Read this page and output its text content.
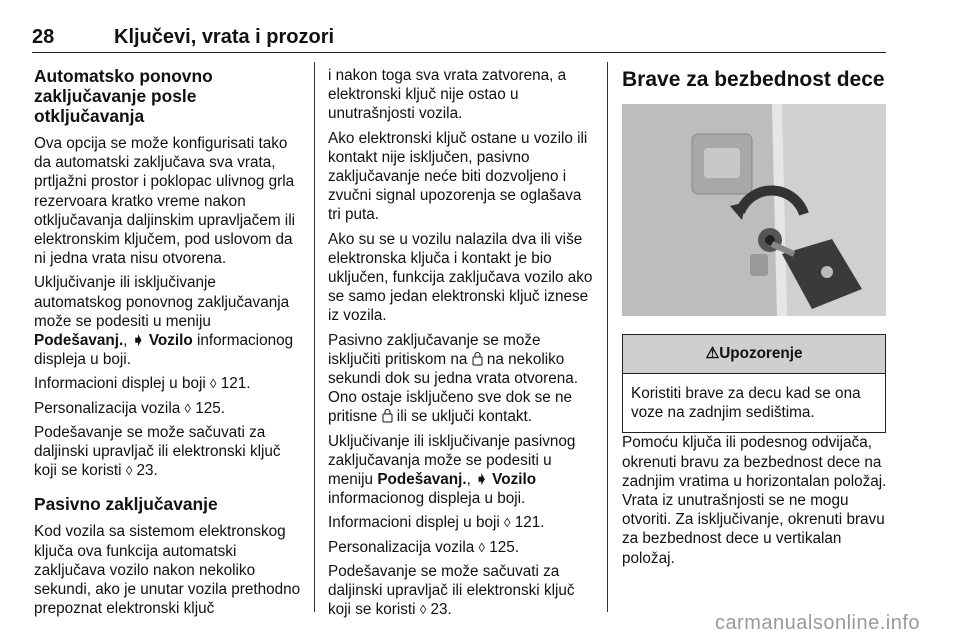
28	Ključevi, vrata i prozori
Automatsko ponovno zaključavanje posle otključavanja

Ova opcija se može konfigurisati tako da automatski zaključava sva vrata, prtljažni prostor i poklopac ulivnog grla rezervoara kratko vreme nakon otključavanja daljinskim upravljačem ili elektronskim ključem, pod uslovom da ni jedna vrata nisu otvorena.

Uključivanje ili isključivanje automatskog ponovnog zaključavanja može se podesiti u meniju Podešavanj., ➧ Vozilo informacionog displeja u boji.

Informacioni displej u boji ◊ 121.

Personalizacija vozila ◊ 125.

Podešavanje se može sačuvati za daljinski upravljač ili elektronski ključ koji se koristi ◊ 23.

Pasivno zaključavanje

Kod vozila sa sistemom elektronskog ključa ova funkcija automatski zaključava vozilo nakon nekoliko sekundi, ako je unutar vozila prethodno prepoznat elektronski ključ

i nakon toga sva vrata zatvorena, a elektronski ključ nije ostao u unutrašnjosti vozila.

Ako elektronski ključ ostane u vozilo ili kontakt nije isključen, pasivno zaključavanje neće biti dozvoljeno i zvučni signal upozorenja se oglašava tri puta.

Ako su se u vozilu nalazila dva ili više elektronska ključa i kontakt je bio uključen, funkcija zaključava vozilo ako se samo jedan elektronski ključ iznese iz vozila.

Pasivno zaključavanje se može isključiti pritiskom na  na nekoliko sekundi dok su jedna vrata otvorena. Ono ostaje isključeno sve dok se ne pritisne  ili se uključi kontakt.

Uključivanje ili isključivanje pasivnog zaključavanja može se podesiti u meniju Podešavanj., ➧ Vozilo informacionog displeja u boji.

Informacioni displej u boji ◊ 121.

Personalizacija vozila ◊ 125.

Podešavanje se može sačuvati za daljinski upravljač ili elektronski ključ koji se koristi ◊ 23.

Brave za bezbednost dece
⚠Upozorenje
Koristiti brave za decu kad se ona voze na zadnjim sedištima.

Pomoću ključa ili podesnog odvijača, okrenuti bravu za bezbednost dece na zadnjim vratima u horizontalan položaj. Vrata iz unutrašnjosti se ne mogu otvoriti. Za isključivanje, okrenuti bravu za bezbednost dece u vertikalan položaj.

carmanualsonline.info
